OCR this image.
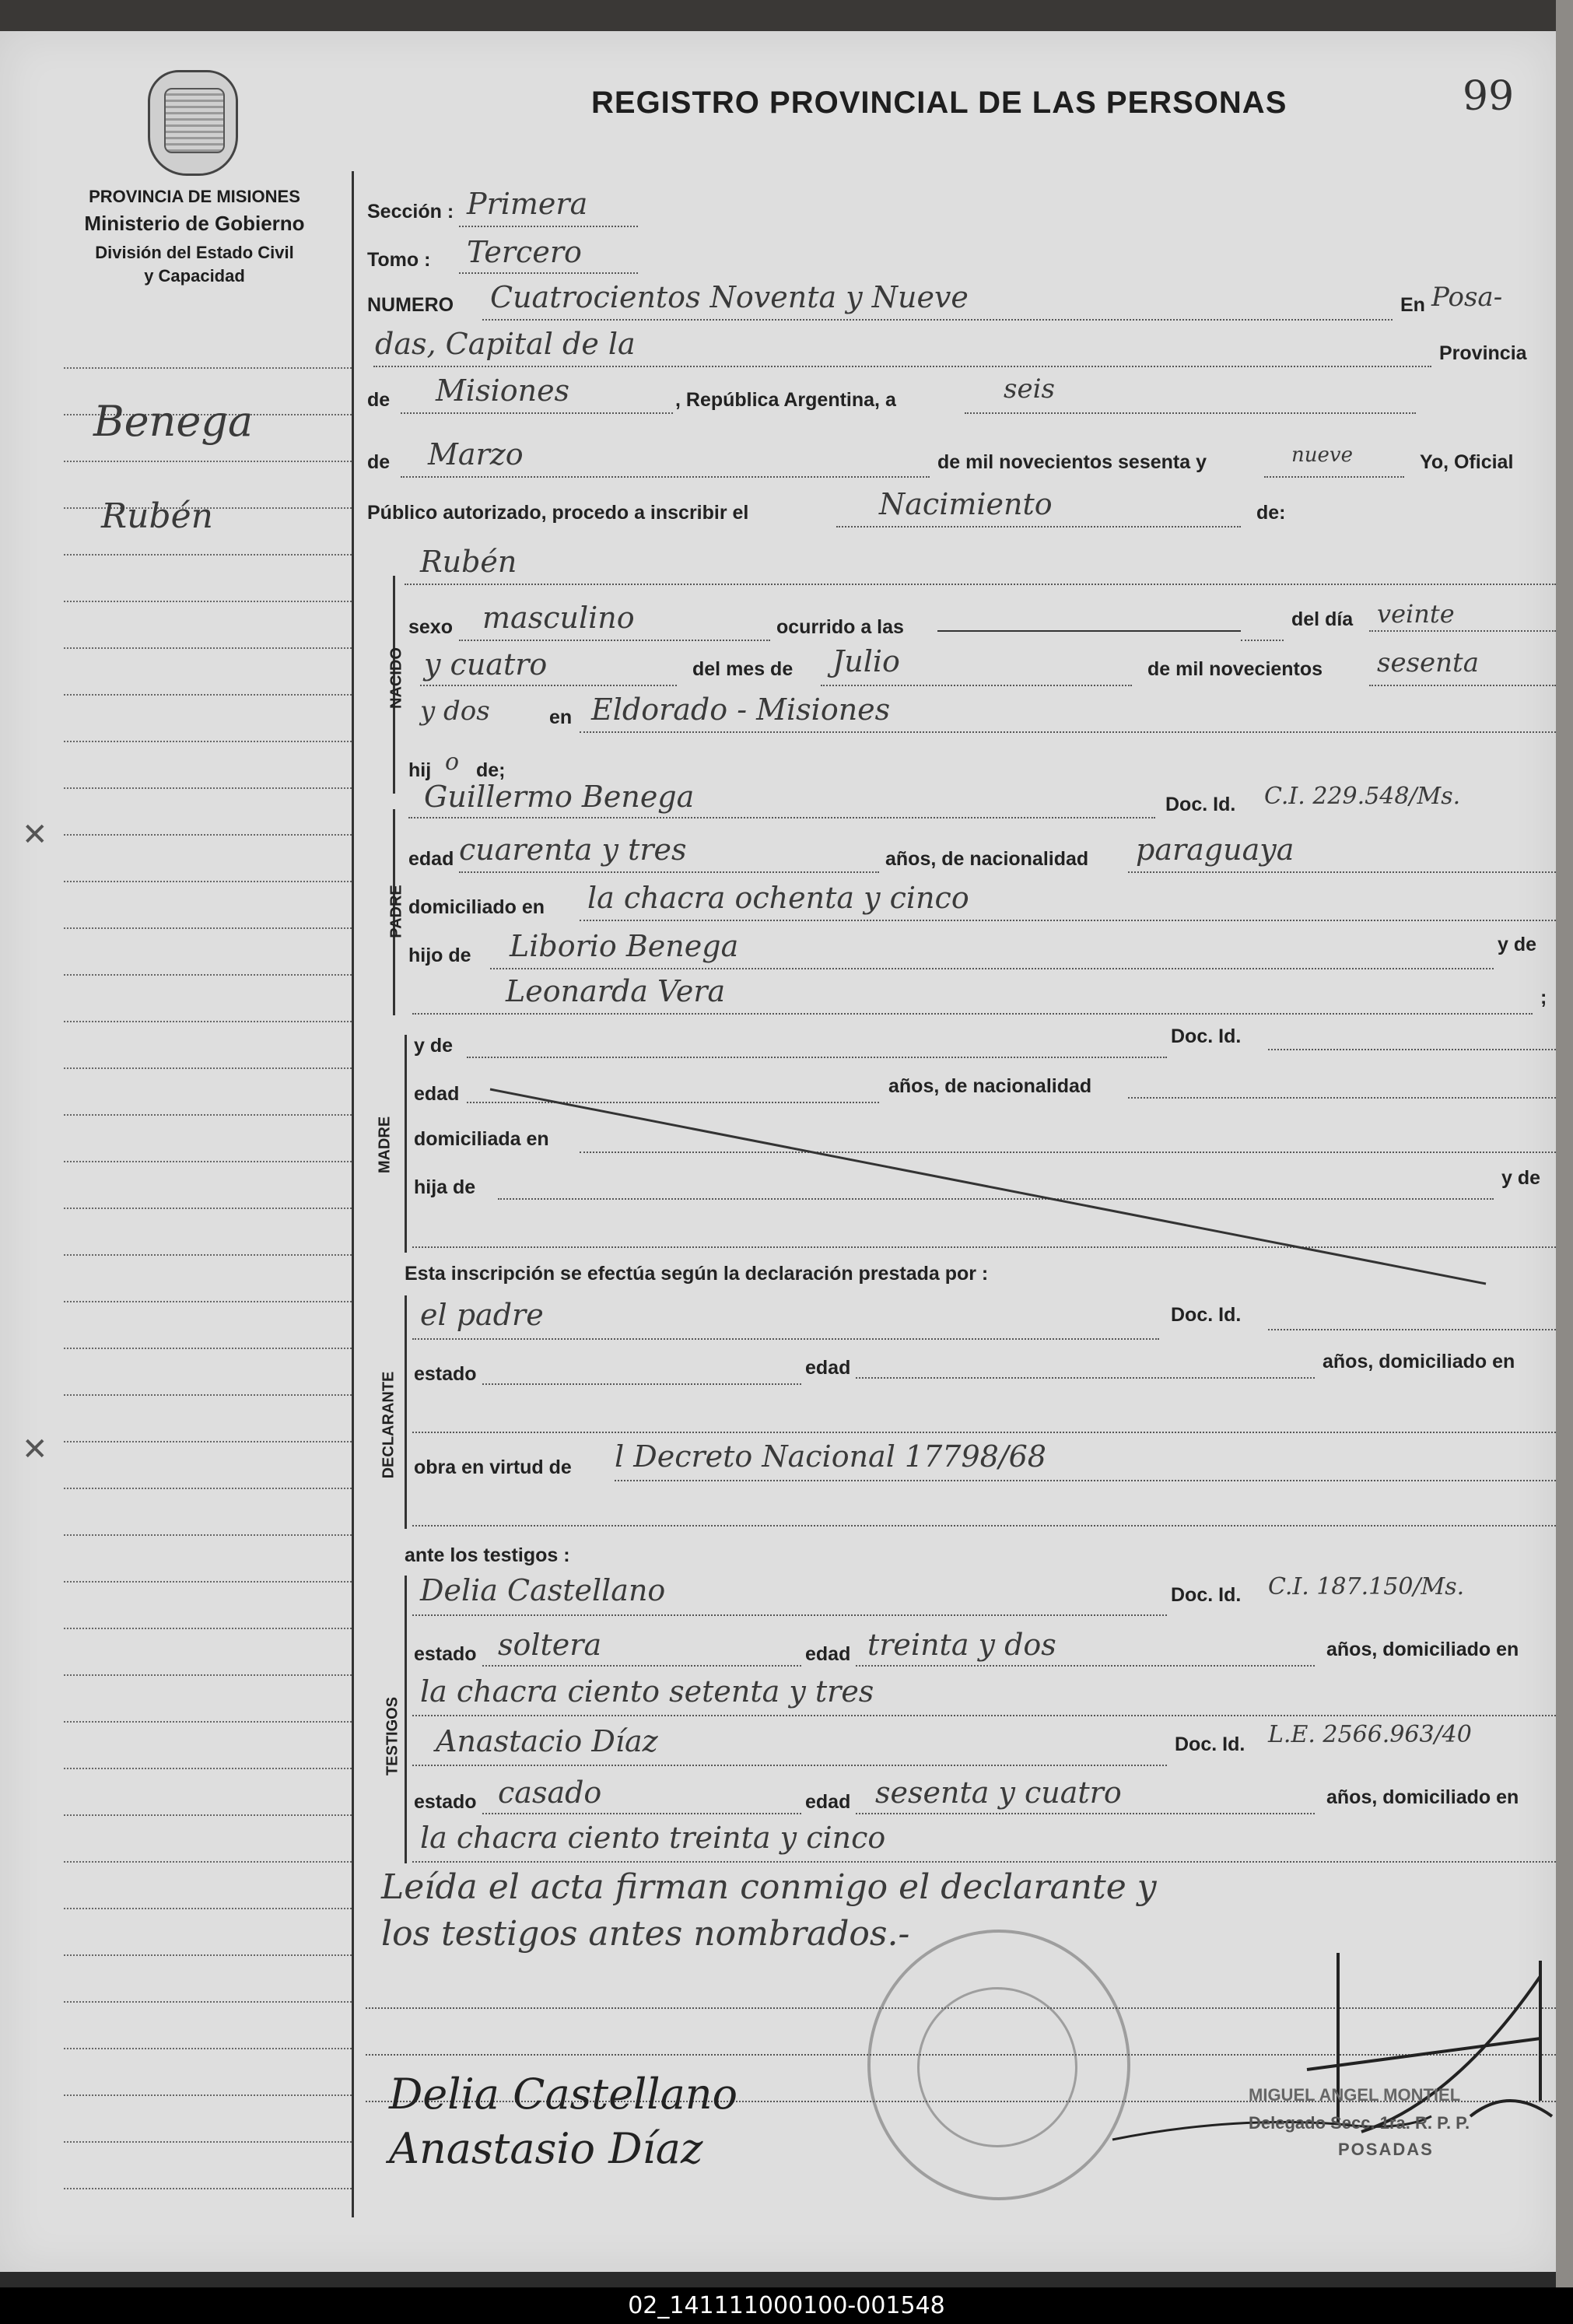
✕
✕
PROVINCIA DE MISIONES
Ministerio de Gobierno
División del Estado Civil
y Capacidad
REGISTRO PROVINCIAL DE LAS PERSONAS	99
Benega
Rubén
Sección : Primera
Tomo : Tercero
NUMERO Cuatrocientos Noventa y Nueve	En Posa-
das, Capital de la	Provincia
de Misiones	, República Argentina, a	seis
de Marzo	de mil novecientos sesenta y	nueve	Yo, Oficial
Público autorizado, procedo a inscribir el	Nacimiento	de:
NACIDO
Rubén
sexo masculino	ocurrido a las	del día veinte
y cuatro	del mes de Julio	de mil novecientos sesenta
y dos	en Eldorado - Misiones
hij o de;
PADRE
Guillermo Benega	Doc. Id. C.I. 229.548/Ms.
edad cuarenta y tres	años, de nacionalidad paraguaya
domiciliado en la chacra ochenta y cinco
hijo de Liborio Benega	y de
Leonarda Vera	;
MADRE
y de	Doc. Id.
edad	años, de nacionalidad
domiciliada en
hija de	y de
Esta inscripción se efectúa según la declaración prestada por :
DECLARANTE
el padre	Doc. Id.
estado	edad	años, domiciliado en
obra en virtud de l Decreto Nacional 17798/68
ante los testigos :
TESTIGOS
Delia Castellano	Doc. Id. C.I. 187.150/Ms.
estado soltera	edad treinta y dos	años, domiciliado en
la chacra ciento setenta y tres
Anastacio Díaz	Doc. Id. L.E. 2566.963/40
estado casado	edad sesenta y cuatro	años, domiciliado en
la chacra ciento treinta y cinco
Leída el acta firman conmigo el declarante y
los testigos antes nombrados.-
Delia Castellano
Anastasio Díaz
MIGUEL ANGEL MONTIEL
Delegado Secc. 1ra. R. P. P.
POSADAS
02_141111000100-001548
